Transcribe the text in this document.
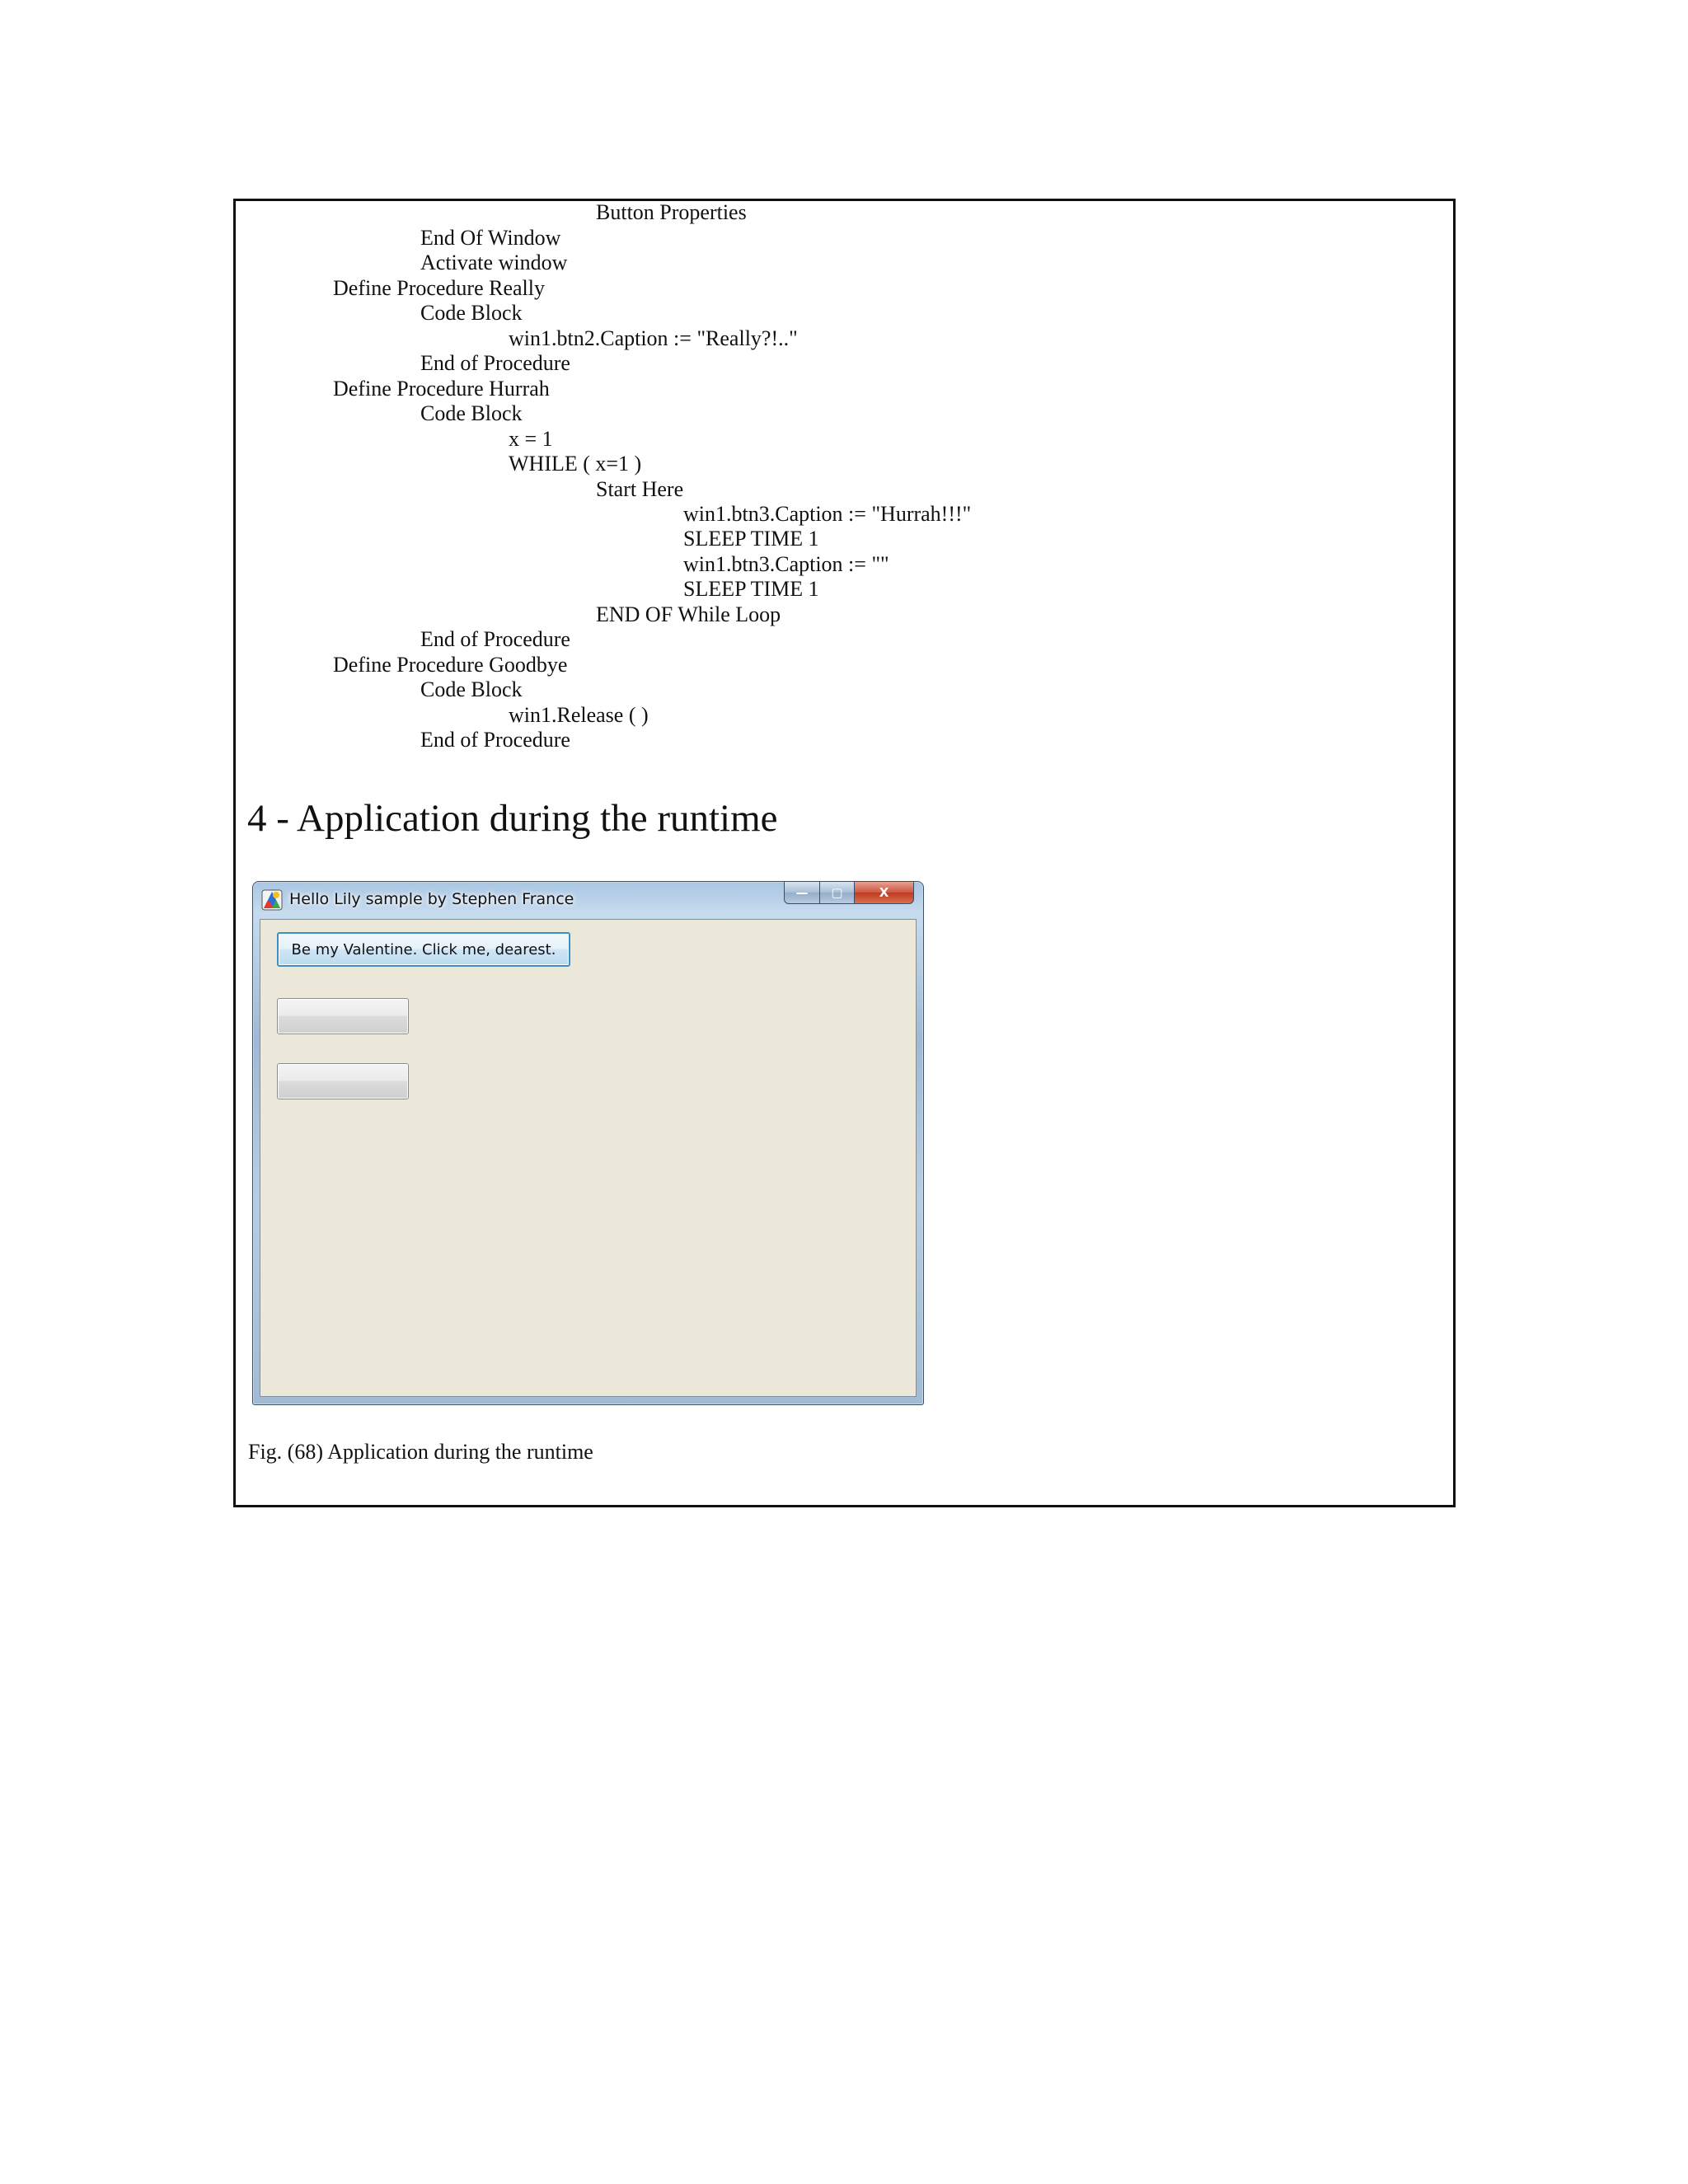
Button Properties
End Of Window
Activate window
Define Procedure Really
Code Block
win1.btn2.Caption := "Really?!.."
End of Procedure
Define Procedure Hurrah
Code Block
x = 1
WHILE ( x=1 )
Start Here
win1.btn3.Caption := "Hurrah!!!"
SLEEP TIME 1
win1.btn3.Caption := ""
SLEEP TIME 1
END OF While Loop
End of Procedure
Define Procedure Goodbye
Code Block
win1.Release ( )
End of Procedure
4 - Application during the runtime
Hello Lily sample by Stephen France	— ▢	X
Be my Valentine. Click me, dearest.
Fig. (68) Application during the runtime
